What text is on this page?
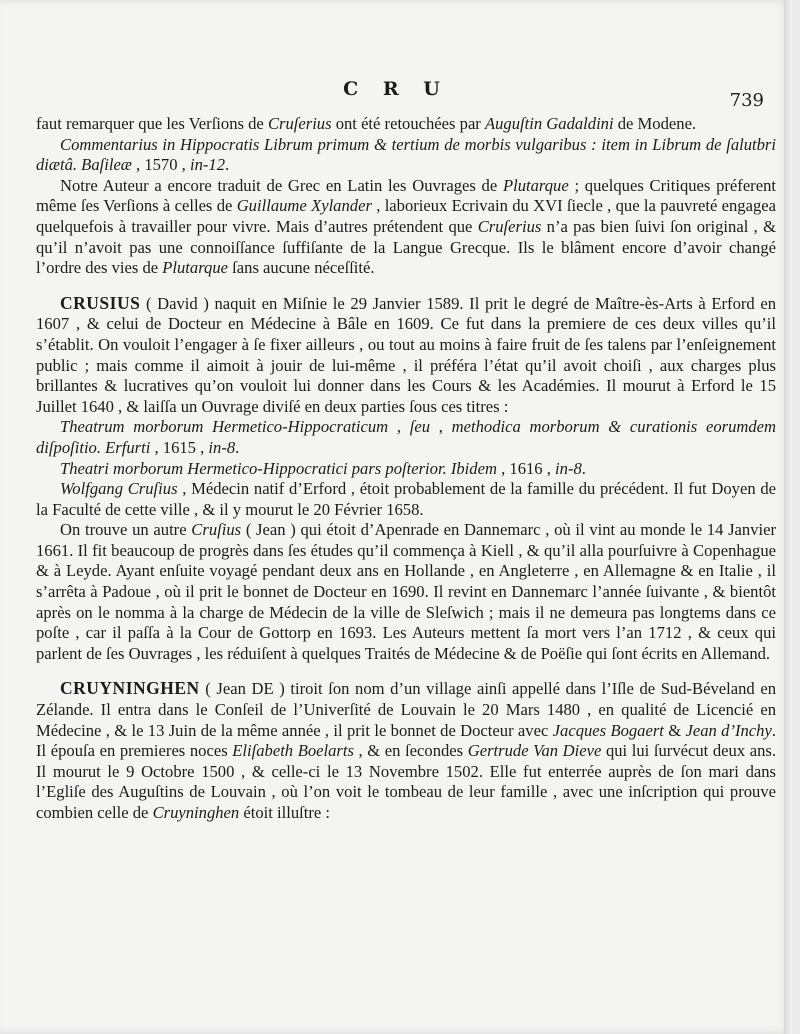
C R U
739

faut remarquer que les Verſions de Cruſerius ont été retouchées par Auguſtin Gadaldini de Modene.

Commentarius in Hippocratis Librum primum & tertium de morbis vulgaribus : item in Librum de ſalutbri diætâ. Baſileæ , 1570 , in-12.

Notre Auteur a encore traduit de Grec en Latin les Ouvrages de Plutarque ; quelques Critiques préferent même ſes Verſions à celles de Guillaume Xylander , laborieux Ecrivain du XVI ſiecle , que la pauvreté engagea quelquefois à travailler pour vivre. Mais d’autres prétendent que Cruſerius n’a pas bien ſuivi ſon original , & qu’il n’avoit pas une connoiſſance ſuffiſante de la Langue Grecque. Ils le blâment encore d’avoir changé l’ordre des vies de Plutarque ſans aucune néceſſité.

CRUSIUS ( David ) naquit en Miſnie le 29 Janvier 1589. Il prit le degré de Maître-ès-Arts à Erford en 1607 , & celui de Docteur en Médecine à Bâle en 1609. Ce fut dans la premiere de ces deux villes qu’il s’établit. On vouloit l’engager à ſe fixer ailleurs , ou tout au moins à faire fruit de ſes talens par l’enſeignement public ; mais comme il aimoit à jouir de lui-même , il préféra l’état qu’il avoit choiſi , aux charges plus brillantes & lucratives qu’on vouloit lui donner dans les Cours & les Académies. Il mourut à Erford le 15 Juillet 1640 , & laiſſa un Ouvrage diviſé en deux parties ſous ces titres :

Theatrum morborum Hermetico-Hippocraticum , ſeu , methodica morborum & curationis eorumdem diſpoſitio. Erfurti , 1615 , in-8.

Theatri morborum Hermetico-Hippocratici pars poſterior. Ibidem , 1616 , in-8.

Wolfgang Cruſius , Médecin natif d’Erford , étoit probablement de la famille du précédent. Il fut Doyen de la Faculté de cette ville , & il y mourut le 20 Février 1658.

On trouve un autre Cruſius ( Jean ) qui étoit d’Apenrade en Dannemarc , où il vint au monde le 14 Janvier 1661. Il fit beaucoup de progrès dans ſes études qu’il commença à Kiell , & qu’il alla pourſuivre à Copenhague & à Leyde. Ayant enſuite voyagé pendant deux ans en Hollande , en Angleterre , en Allemagne & en Italie , il s’arrêta à Padoue , où il prit le bonnet de Docteur en 1690. Il revint en Dannemarc l’année ſuivante , & bientôt après on le nomma à la charge de Médecin de la ville de Sleſwich ; mais il ne demeura pas longtems dans ce poſte , car il paſſa à la Cour de Gottorp en 1693. Les Auteurs mettent ſa mort vers l’an 1712 , & ceux qui parlent de ſes Ouvrages , les réduiſent à quelques Traités de Médecine & de Poëſie qui ſont écrits en Allemand.

CRUYNINGHEN ( Jean DE ) tiroit ſon nom d’un village ainſi appellé dans l’Iſle de Sud-Béveland en Zélande. Il entra dans le Conſeil de l’Univerſité de Louvain le 20 Mars 1480 , en qualité de Licencié en Médecine , & le 13 Juin de la même année , il prit le bonnet de Docteur avec Jacques Bogaert & Jean d’Inchy. Il épouſa en premieres noces Eliſabeth Boelarts , & en ſecondes Gertrude Van Dieve qui lui ſurvécut deux ans. Il mourut le 9 Octobre 1500 , & celle-ci le 13 Novembre 1502. Elle fut enterrée auprès de ſon mari dans l’Egliſe des Auguſtins de Louvain , où l’on voit le tombeau de leur famille , avec une inſcription qui prouve combien celle de Cruyninghen étoit illuſtre :
